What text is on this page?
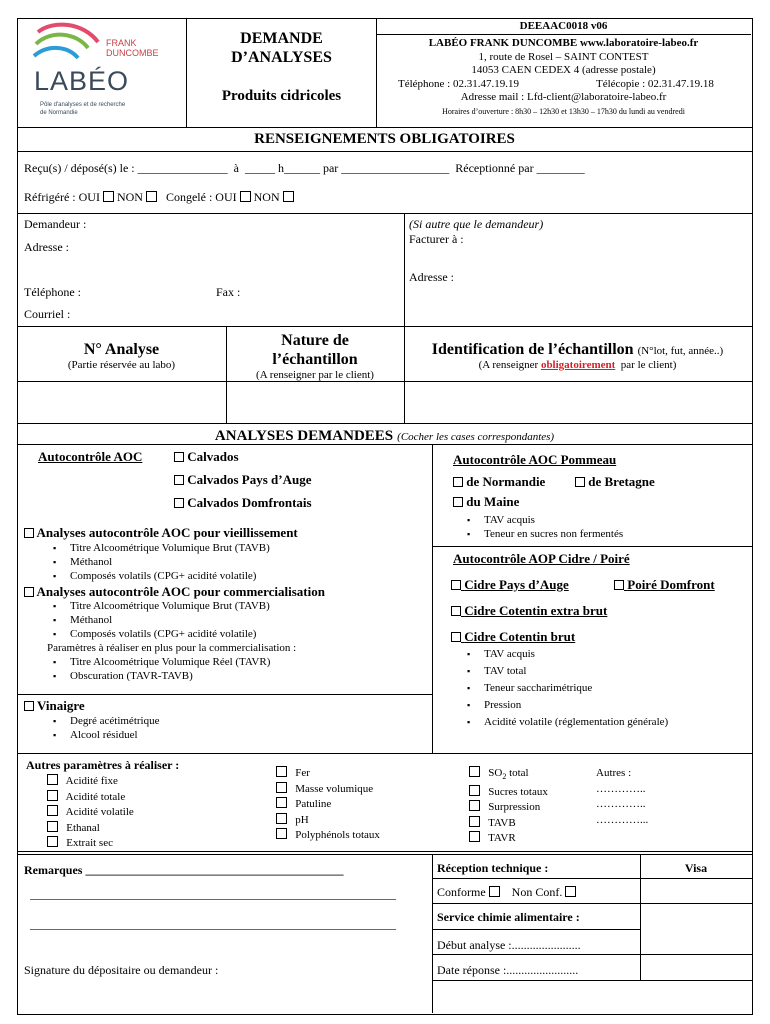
FRANK
DUNCOMBE
LABÉO
Pôle d'analyses et de recherche
de Normandie
DEMANDE
D’ANALYSES
Produits cidricoles
DEEAAC0018 v06
LABÉO FRANK DUNCOMBE www.laboratoire-labeo.fr
1, route de Rosel – SAINT CONTEST
14053 CAEN CEDEX 4 (adresse postale)
Téléphone : 02.31.47.19.19	Télécopie : 02.31.47.19.18
Adresse mail : Lfd-client@laboratoire-labeo.fr
Horaires d’ouverture : 8h30 – 12h30 et 13h30 – 17h30 du lundi au vendredi
RENSEIGNEMENTS OBLIGATOIRES
Reçu(s) / déposé(s) le : _______________  à  _____ h______ par __________________  Réceptionné par ________
Réfrigéré : OUI NON Congelé : OUI NON
Demandeur :
Adresse :
Téléphone :	Fax :
Courriel :
(Si autre que le demandeur)
Facturer à :
Adresse :
N° Analyse
(Partie réservée au labo)
Nature de
l’échantillon
(A renseigner par le client)
Identification de l’échantillon (N°lot, fut, année..)
(A renseigner obligatoirement  par le client)
ANALYSES DEMANDEES (Cocher les cases correspondantes)
Autocontrôle AOC	Calvados
Calvados Pays d’Auge
Calvados Domfrontais
Analyses autocontrôle AOC pour vieillissement
▪ Titre Alcoométrique Volumique Brut (TAVB)
▪ Méthanol
▪ Composés volatils (CPG+ acidité volatile)
Analyses autocontrôle AOC pour commercialisation
▪ Titre Alcoométrique Volumique Brut (TAVB)
▪ Méthanol
▪ Composés volatils (CPG+ acidité volatile)
Paramètres à réaliser en plus pour la commercialisation :
▪ Titre Alcoométrique Volumique Réel (TAVR)
▪ Obscuration (TAVR-TAVB)
Vinaigre
▪ Degré acétimétrique
▪ Alcool résiduel
Autocontrôle AOC Pommeau
de Normandie	de Bretagne
du Maine
▪ TAV acquis
▪ Teneur en sucres non fermentés
Autocontrôle AOP Cidre / Poiré
Cidre Pays d’Auge	Poiré Domfront
Cidre Cotentin extra brut
Cidre Cotentin brut
▪ TAV acquis
▪ TAV total
▪ Teneur saccharimétrique
▪ Pression
▪ Acidité volatile (réglementation générale)
Autres paramètres à réaliser :
Acidité fixe
Acidité totale
Acidité volatile
Ethanal
Extrait sec
Fer
Masse volumique
Patuline
pH
Polyphénols totaux
$SO_2$ total
Sucres totaux
Surpression
TAVB
TAVR
Autres :
…………..
…………..
…………...
Remarques ___________________________________________
_____________________________________________________________
_____________________________________________________________
Signature du dépositaire ou demandeur :
Réception technique :	Visa
Conforme Non Conf.
Service chimie alimentaire :
Début analyse :.......................
Date réponse :........................
